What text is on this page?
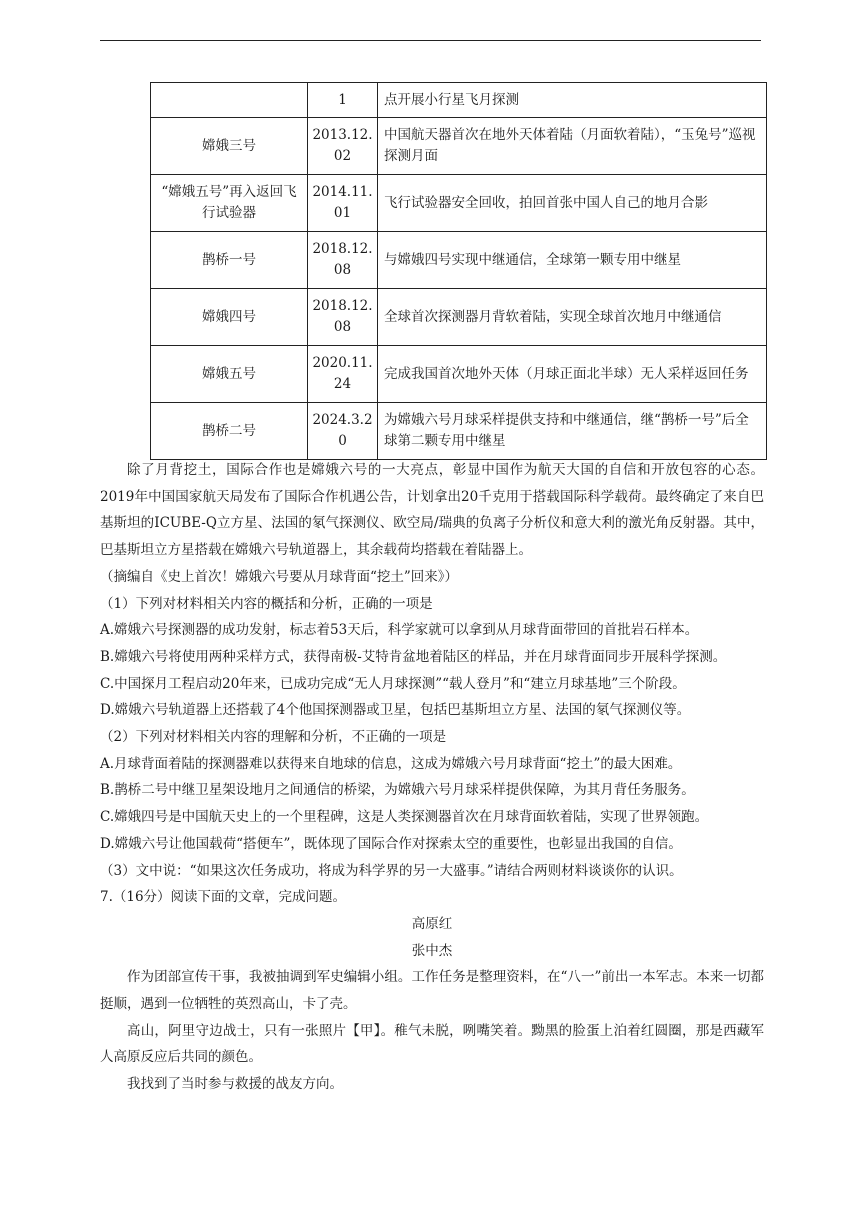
	1	点开展小行星飞月探测
嫦娥三号	2013.12.02	中国航天器首次在地外天体着陆（月面软着陆），“玉兔号”巡视探测月面
“嫦娥五号”再入返回飞行试验器	2014.11.01	飞行试验器安全回收，拍回首张中国人自己的地月合影
鹊桥一号	2018.12.08	与嫦娥四号实现中继通信，全球第一颗专用中继星
嫦娥四号	2018.12.08	全球首次探测器月背软着陆，实现全球首次地月中继通信
嫦娥五号	2020.11.24	完成我国首次地外天体（月球正面北半球）无人采样返回任务
鹊桥二号	2024.3.20	为嫦娥六号月球采样提供支持和中继通信，继“鹊桥一号”后全球第二颗专用中继星

除了月背挖土，国际合作也是嫦娥六号的一大亮点，彰显中国作为航天大国的自信和开放包容的心态。2019年中国国家航天局发布了国际合作机遇公告，计划拿出20千克用于搭载国际科学载荷。最终确定了来自巴基斯坦的ICUBE-Q立方星、法国的氡气探测仪、欧空局/瑞典的负离子分析仪和意大利的激光角反射器。其中，巴基斯坦立方星搭载在嫦娥六号轨道器上，其余载荷均搭载在着陆器上。

（摘编自《史上首次！嫦娥六号要从月球背面“挖土”回来》）

（1）下列对材料相关内容的概括和分析，正确的一项是

A.嫦娥六号探测器的成功发射，标志着53天后，科学家就可以拿到从月球背面带回的首批岩石样本。

B.嫦娥六号将使用两种采样方式，获得南极-艾特肯盆地着陆区的样品，并在月球背面同步开展科学探测。

C.中国探月工程启动20年来，已成功完成“无人月球探测”“载人登月”和“建立月球基地”三个阶段。

D.嫦娥六号轨道器上还搭载了4个他国探测器或卫星，包括巴基斯坦立方星、法国的氡气探测仪等。

（2）下列对材料相关内容的理解和分析，不正确的一项是

A.月球背面着陆的探测器难以获得来自地球的信息，这成为嫦娥六号月球背面“挖土”的最大困难。

B.鹊桥二号中继卫星架设地月之间通信的桥梁，为嫦娥六号月球采样提供保障，为其月背任务服务。

C.嫦娥四号是中国航天史上的一个里程碑，这是人类探测器首次在月球背面软着陆，实现了世界领跑。

D.嫦娥六号让他国载荷“搭便车”，既体现了国际合作对探索太空的重要性，也彰显出我国的自信。

（3）文中说：“如果这次任务成功，将成为科学界的另一大盛事。”请结合两则材料谈谈你的认识。

7.（16分）阅读下面的文章，完成问题。

高原红

张中杰

作为团部宣传干事，我被抽调到军史编辑小组。工作任务是整理资料，在“八一”前出一本军志。本来一切都挺顺，遇到一位牺牲的英烈高山，卡了壳。

高山，阿里守边战士，只有一张照片【甲】。稚气未脱，咧嘴笑着。黝黑的脸蛋上泊着红圆圈，那是西藏军人高原反应后共同的颜色。

我找到了当时参与救援的战友方向。
